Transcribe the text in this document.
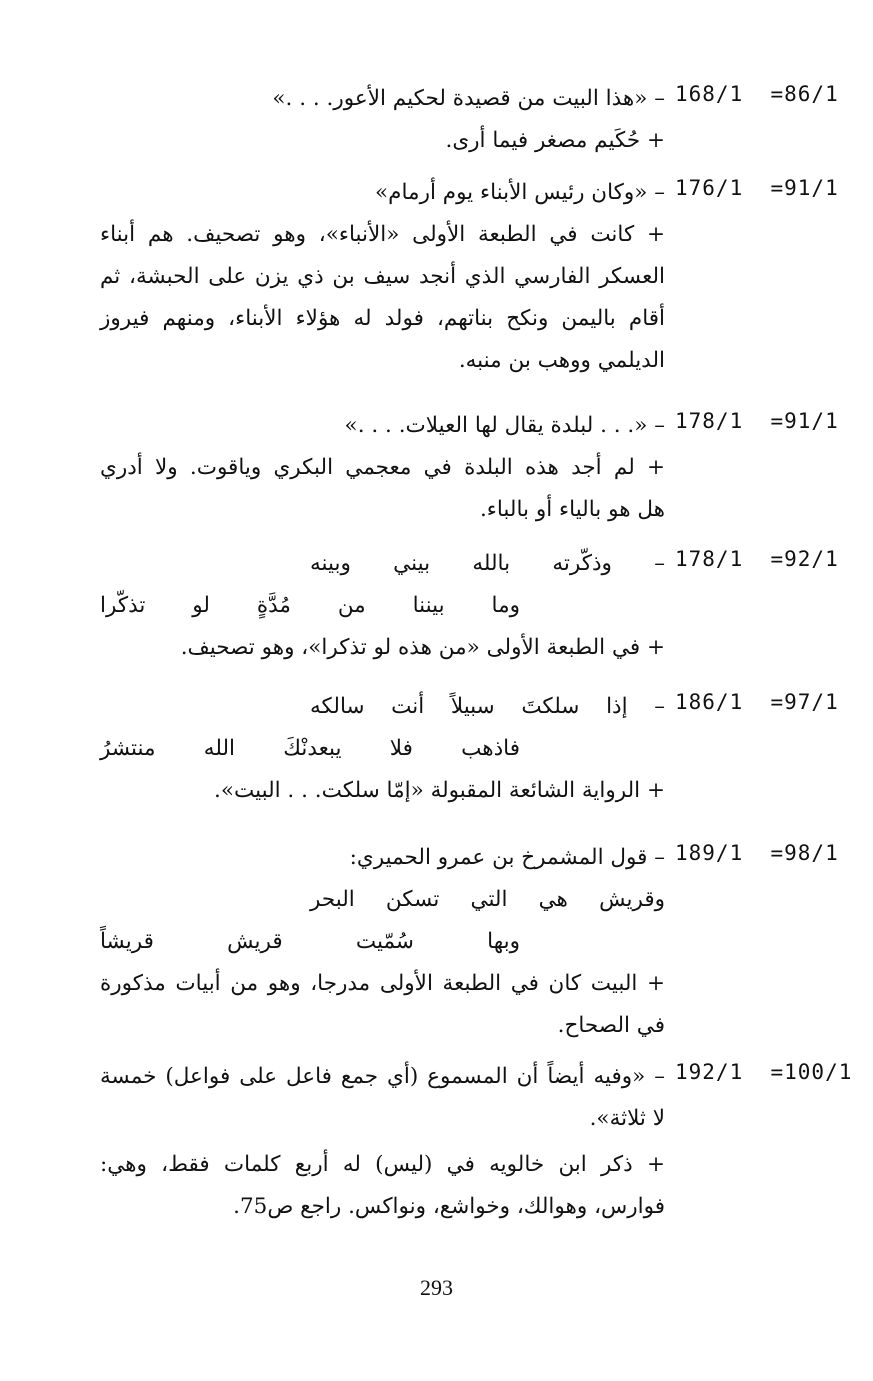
168/1  =86/1
– «هذا البيت من قصيدة لحكيم الأعور. . . .»
+ حُكَيم مصغر فيما أرى.
176/1  =91/1
– «وكان رئيس الأبناء يوم أرمام»
+ كانت في الطبعة الأولى «الأنباء»، وهو تصحيف. هم أبناء
العسكر الفارسي الذي أنجد سيف بن ذي يزن على الحبشة، ثم
أقام باليمن ونكح بناتهم، فولد له هؤلاء الأبناء، ومنهم فيروز
الديلمي ووهب بن منبه.
178/1  =91/1
– «. . . لبلدة يقال لها العيلات. . . .»
+ لم أجد هذه البلدة في معجمي البكري وياقوت. ولا أدري
هل هو بالياء أو بالباء.
178/1  =92/1
– وذكّرته بالله بيني وبينه
وما بيننا من مُدَّةٍ لو تذكّرا
+ في الطبعة الأولى «من هذه لو تذكرا»، وهو تصحيف.
186/1  =97/1
– إذا سلكتَ سبيلاً أنت سالكه
فاذهب فلا يبعدنْكَ الله منتشرُ
+ الرواية الشائعة المقبولة «إمّا سلكت. . . البيت».
189/1  =98/1
– قول المشمرخ بن عمرو الحميري:
وقريش هي التي تسكن البحر
وبها سُمّيت قريش قريشاً
+ البيت كان في الطبعة الأولى مدرجا، وهو من أبيات مذكورة
في الصحاح.
192/1  =100/1
– «وفيه أيضاً أن المسموع (أي جمع فاعل على فواعل) خمسة
لا ثلاثة».
+ ذكر ابن خالويه في (ليس) له أربع كلمات فقط، وهي:
فوارس، وهوالك، وخواشع، ونواكس. راجع ص75.
293
